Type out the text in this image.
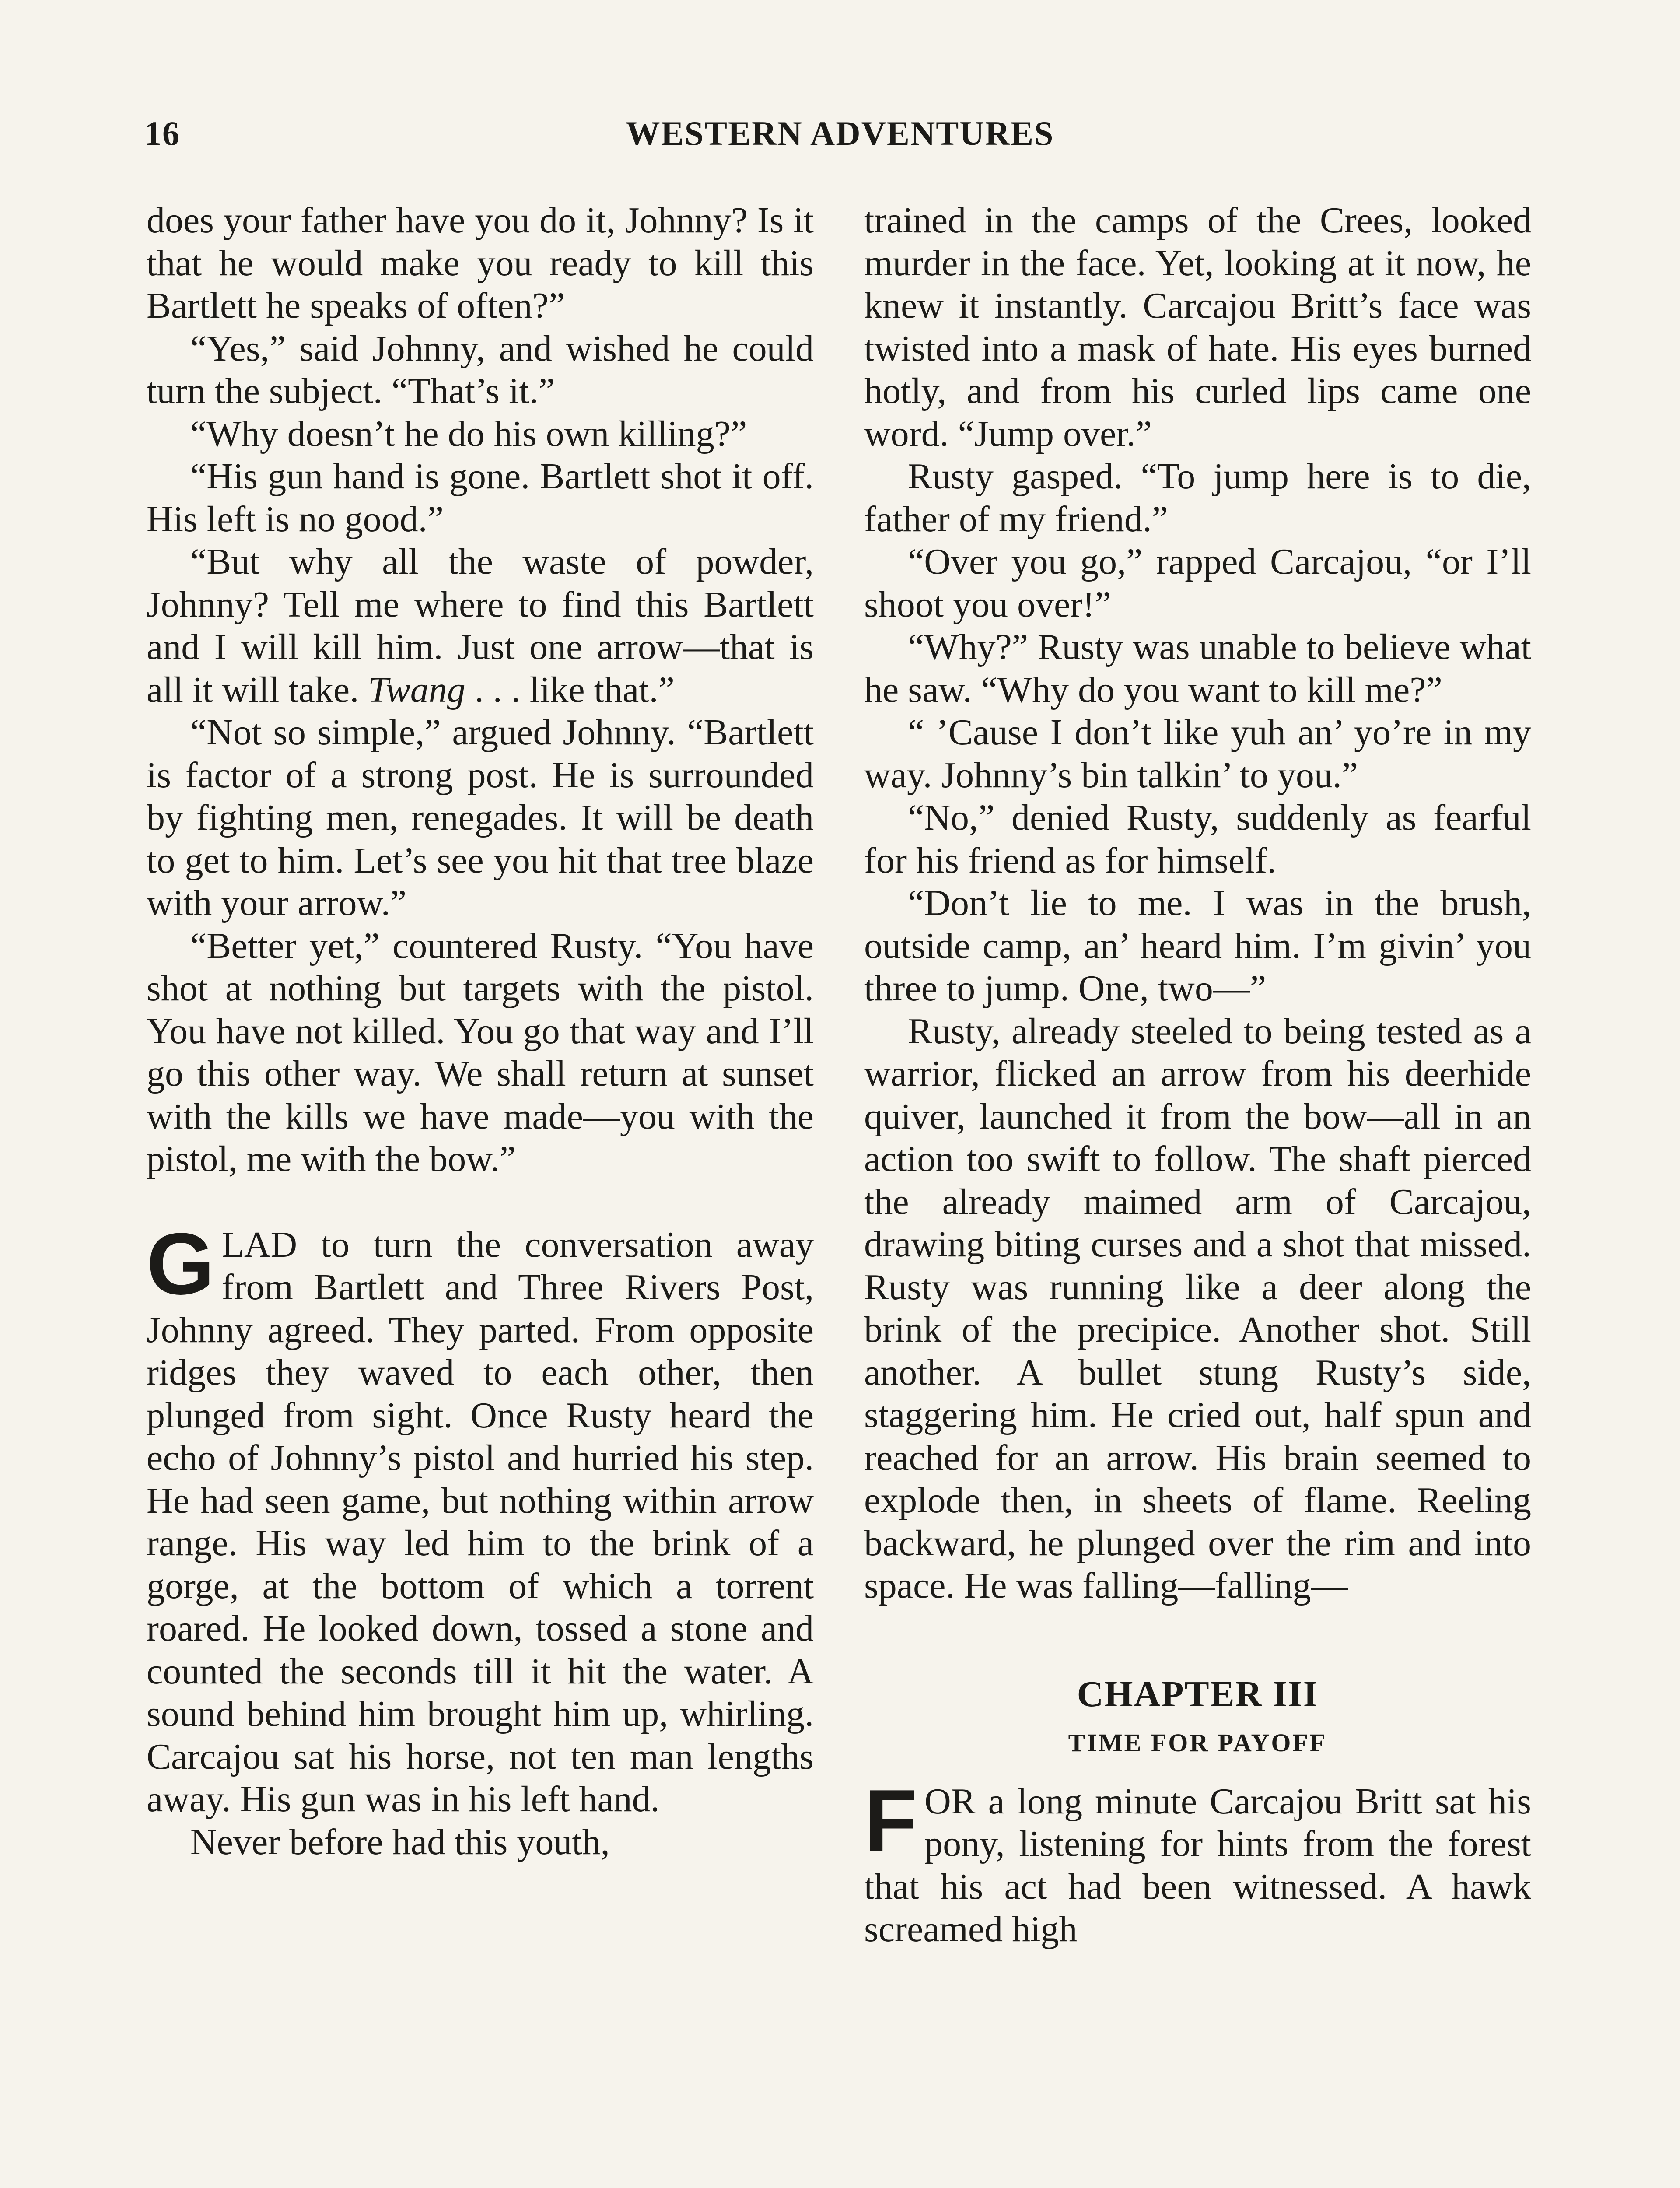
16	WESTERN ADVENTURES

does your father have you do it, Johnny? Is it that he would make you ready to kill this Bartlett he speaks of often?”

“Yes,” said Johnny, and wished he could turn the subject. “That’s it.”

“Why doesn’t he do his own killing?”

“His gun hand is gone. Bartlett shot it off. His left is no good.”

“But why all the waste of powder, Johnny? Tell me where to find this Bartlett and I will kill him. Just one arrow—that is all it will take. Twang . . . like that.”

“Not so simple,” argued Johnny. “Bartlett is factor of a strong post. He is surrounded by fighting men, renegades. It will be death to get to him. Let’s see you hit that tree blaze with your arrow.”

“Better yet,” countered Rusty. “You have shot at nothing but targets with the pistol. You have not killed. You go that way and I’ll go this other way. We shall return at sunset with the kills we have made—you with the pistol, me with the bow.”

GLAD to turn the conversation away from Bartlett and Three Rivers Post, Johnny agreed. They parted. From opposite ridges they waved to each other, then plunged from sight. Once Rusty heard the echo of Johnny’s pistol and hurried his step. He had seen game, but nothing within arrow range. His way led him to the brink of a gorge, at the bottom of which a torrent roared. He looked down, tossed a stone and counted the seconds till it hit the water. A sound behind him brought him up, whirling. Carcajou sat his horse, not ten man lengths away. His gun was in his left hand.

Never before had this youth,

trained in the camps of the Crees, looked murder in the face. Yet, looking at it now, he knew it instantly. Carcajou Britt’s face was twisted into a mask of hate. His eyes burned hotly, and from his curled lips came one word. “Jump over.”

Rusty gasped. “To jump here is to die, father of my friend.”

“Over you go,” rapped Carcajou, “or I’ll shoot you over!”

“Why?” Rusty was unable to believe what he saw. “Why do you want to kill me?”

“ ’Cause I don’t like yuh an’ yo’re in my way. Johnny’s bin talkin’ to you.”

“No,” denied Rusty, suddenly as fearful for his friend as for himself.

“Don’t lie to me. I was in the brush, outside camp, an’ heard him. I’m givin’ you three to jump. One, two—”

Rusty, already steeled to being tested as a warrior, flicked an arrow from his deerhide quiver, launched it from the bow—all in an action too swift to follow. The shaft pierced the already maimed arm of Carcajou, drawing biting curses and a shot that missed. Rusty was running like a deer along the brink of the precipice. Another shot. Still another. A bullet stung Rusty’s side, staggering him. He cried out, half spun and reached for an arrow. His brain seemed to explode then, in sheets of flame. Reeling backward, he plunged over the rim and into space. He was falling—falling—

CHAPTER III
TIME FOR PAYOFF

FOR a long minute Carcajou Britt sat his pony, listening for hints from the forest that his act had been witnessed. A hawk screamed high
